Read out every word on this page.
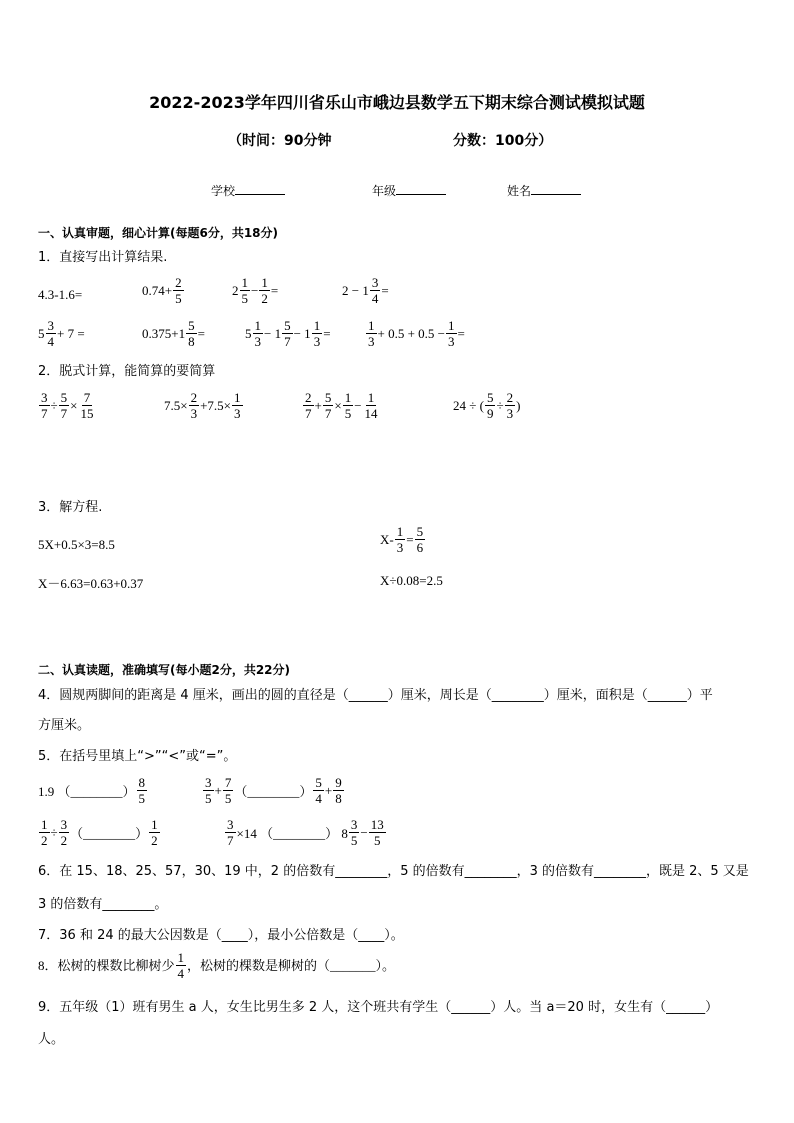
2022-2023学年四川省乐山市峨边县数学五下期末综合测试模拟试题
（时间：90分钟	分数：100分）
学校	年级	姓名
一、认真审题，细心计算(每题6分，共18分)
1．直接写出计算结果.
4.3-1.6=	$0.74+ \frac{2}{5}$	$2 \frac{1}{5} - \frac{1}{2}$ =	$2 - 1 \frac{3}{4}$ =
$5 \frac{3}{4} + 7$ =	$0.375+1 \frac{5}{8}$ =	$5 \frac{1}{3} - 1 \frac{5}{7} - 1 \frac{1}{3}$ =	$\frac{1}{3} + 0.5 + 0.5 - \frac{1}{3}$ =
2．脱式计算，能简算的要简算
$\frac{3}{7} \div \frac{5}{7} \times \frac{7}{15}$	$7.5\times \frac{2}{3} +7.5\times \frac{1}{3}$	$\frac{2}{7} + \frac{5}{7} \times \frac{1}{5} - \frac{1}{14}$	24 ÷ ( $\frac{5}{9} \div \frac{2}{3}$ )
3．解方程.
5X+0.5×3=8.5	$X- \frac{1}{3} = \frac{5}{6}$
X－6.63=0.63+0.37	X÷0.08=2.5
二、认真读题，准确填写(每小题2分，共22分)
4．圆规两脚间的距离是 4 厘米，画出的圆的直径是（______）厘米，周长是（________）厘米，面积是（______）平
方厘米。
5．在括号里填上“>”“<”或“=”。
1.9 （________） $\frac{8}{5}$	$\frac{3}{5} + \frac{7}{5}$ （________） $\frac{5}{4} + \frac{9}{8}$
$\frac{1}{2} \div \frac{3}{2}$ （________） $\frac{1}{2}$	$\frac{3}{7} \times 14$ （________） $8 \frac{3}{5} - \frac{13}{5}$
6．在 15、18、25、57，30、19 中，2 的倍数有________，5 的倍数有________，3 的倍数有________，既是 2、5 又是
3 的倍数有________。
7．36 和 24 的最大公因数是（____），最小公倍数是（____）。
8．松树的棵数比柳树少 $\frac{1}{4}$ ，松树的棵数是柳树的（_______）。
9．五年级（1）班有男生 a 人，女生比男生多 2 人，这个班共有学生（______）人。当 a＝20 时，女生有（______）
人。
